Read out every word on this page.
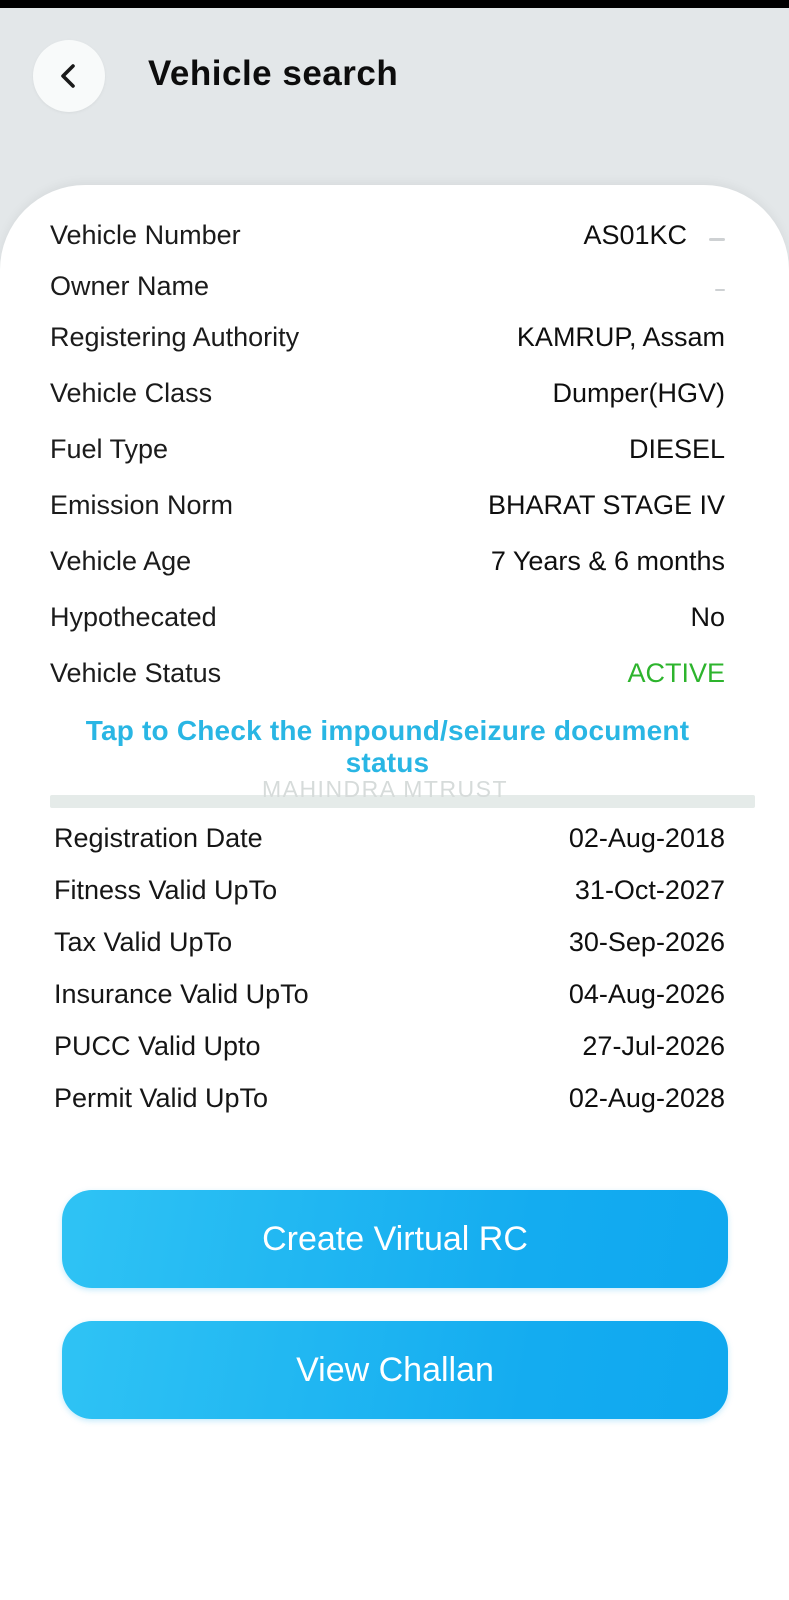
Vehicle search
Vehicle Number	AS01KC
Owner Name
Registering Authority	KAMRUP, Assam
Vehicle Class	Dumper(HGV)
Fuel Type	DIESEL
Emission Norm	BHARAT STAGE IV
Vehicle Age	7 Years & 6 months
Hypothecated	No
Vehicle Status	ACTIVE
Tap to Check the impound/seizure document status
Registration Date	02-Aug-2018
Fitness Valid UpTo	31-Oct-2027
Tax Valid UpTo	30-Sep-2026
Insurance Valid UpTo	04-Aug-2026
PUCC Valid Upto	27-Jul-2026
Permit Valid UpTo	02-Aug-2028
Create Virtual RC
View Challan
MAHINDRA MTRUST
